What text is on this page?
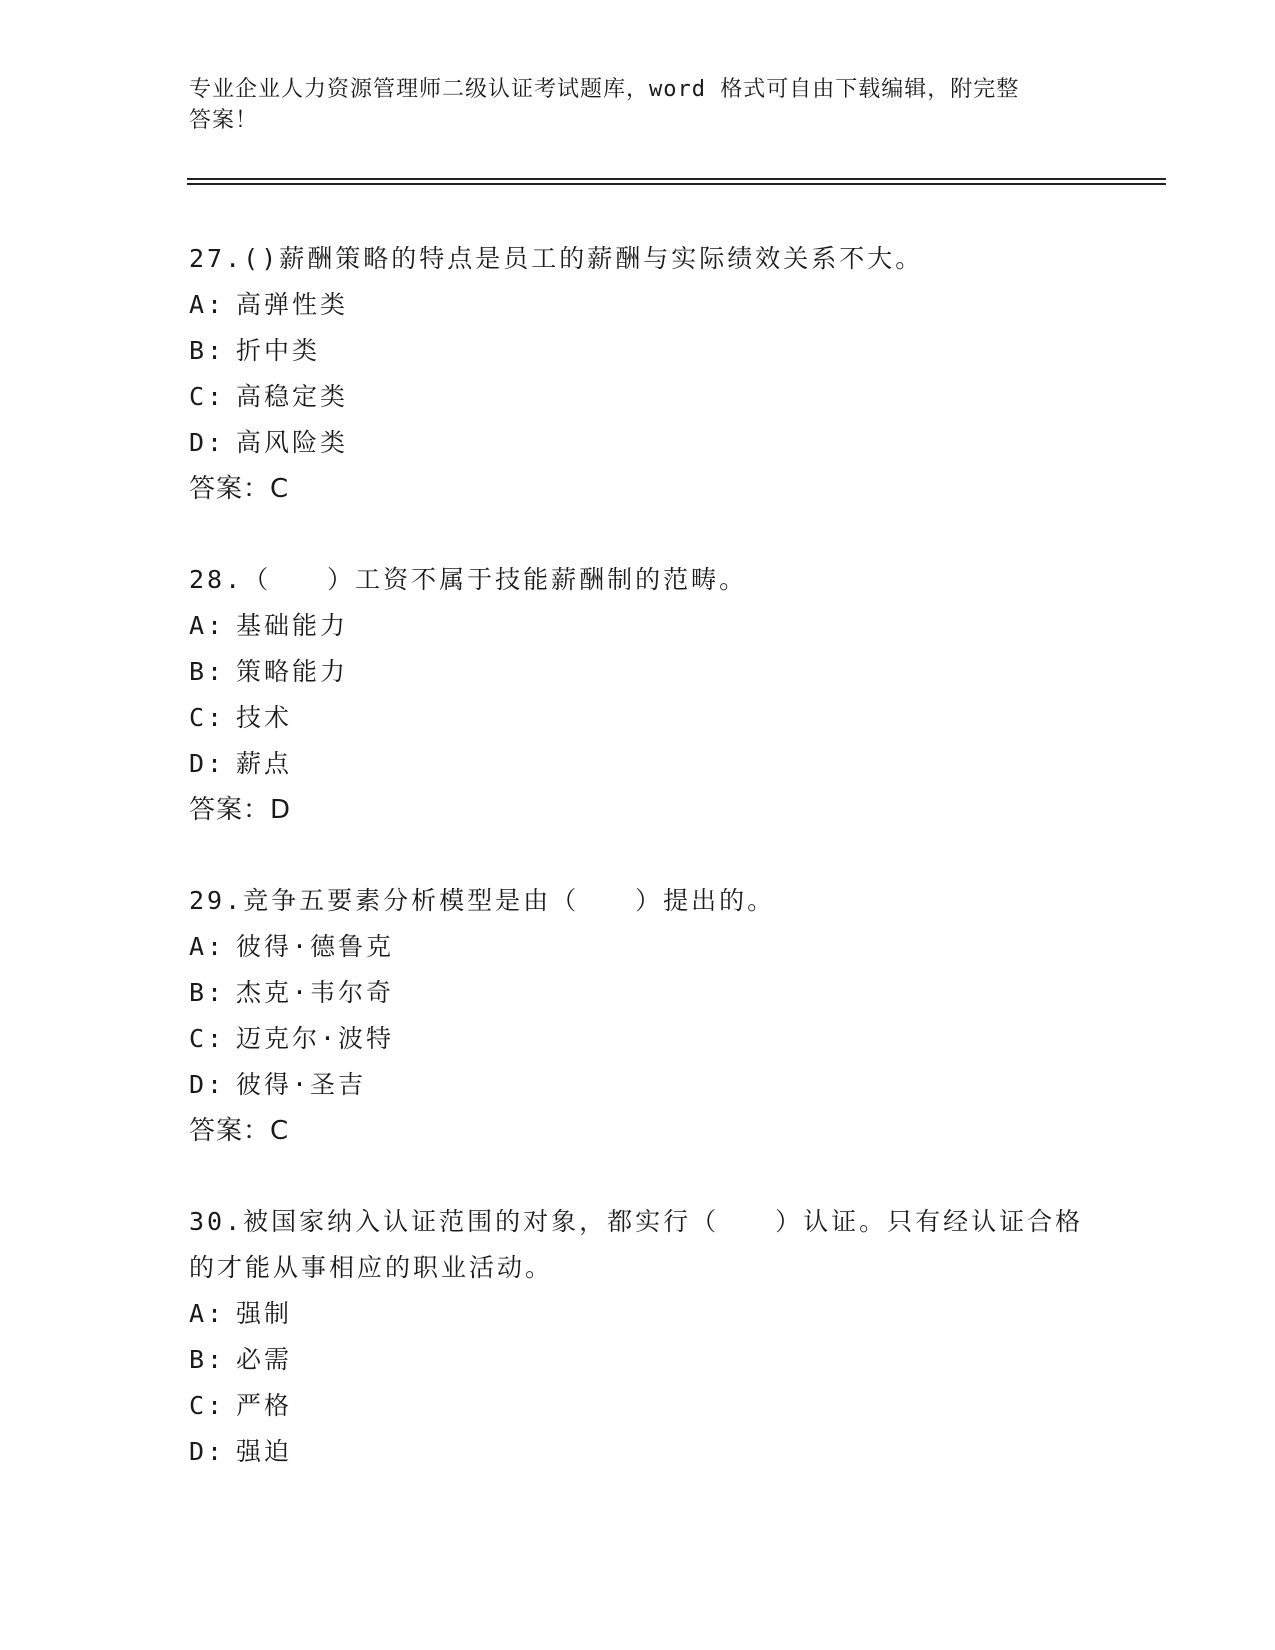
专业企业人力资源管理师二级认证考试题库，word 格式可自由下载编辑，附完整
答案！

27.()薪酬策略的特点是员工的薪酬与实际绩效关系不大。

A: 高弹性类
B: 折中类
C: 高稳定类
D: 高风险类
答案：C

28.（　　）工资不属于技能薪酬制的范畴。

A: 基础能力
B: 策略能力
C: 技术
D: 薪点
答案：D

29.竞争五要素分析模型是由（　　）提出的。

A: 彼得·德鲁克
B: 杰克·韦尔奇
C: 迈克尔·波特
D: 彼得·圣吉
答案：C

30.被国家纳入认证范围的对象，都实行（　　）认证。只有经认证合格的才能从事相应的职业活动。

A: 强制
B: 必需
C: 严格
D: 强迫
